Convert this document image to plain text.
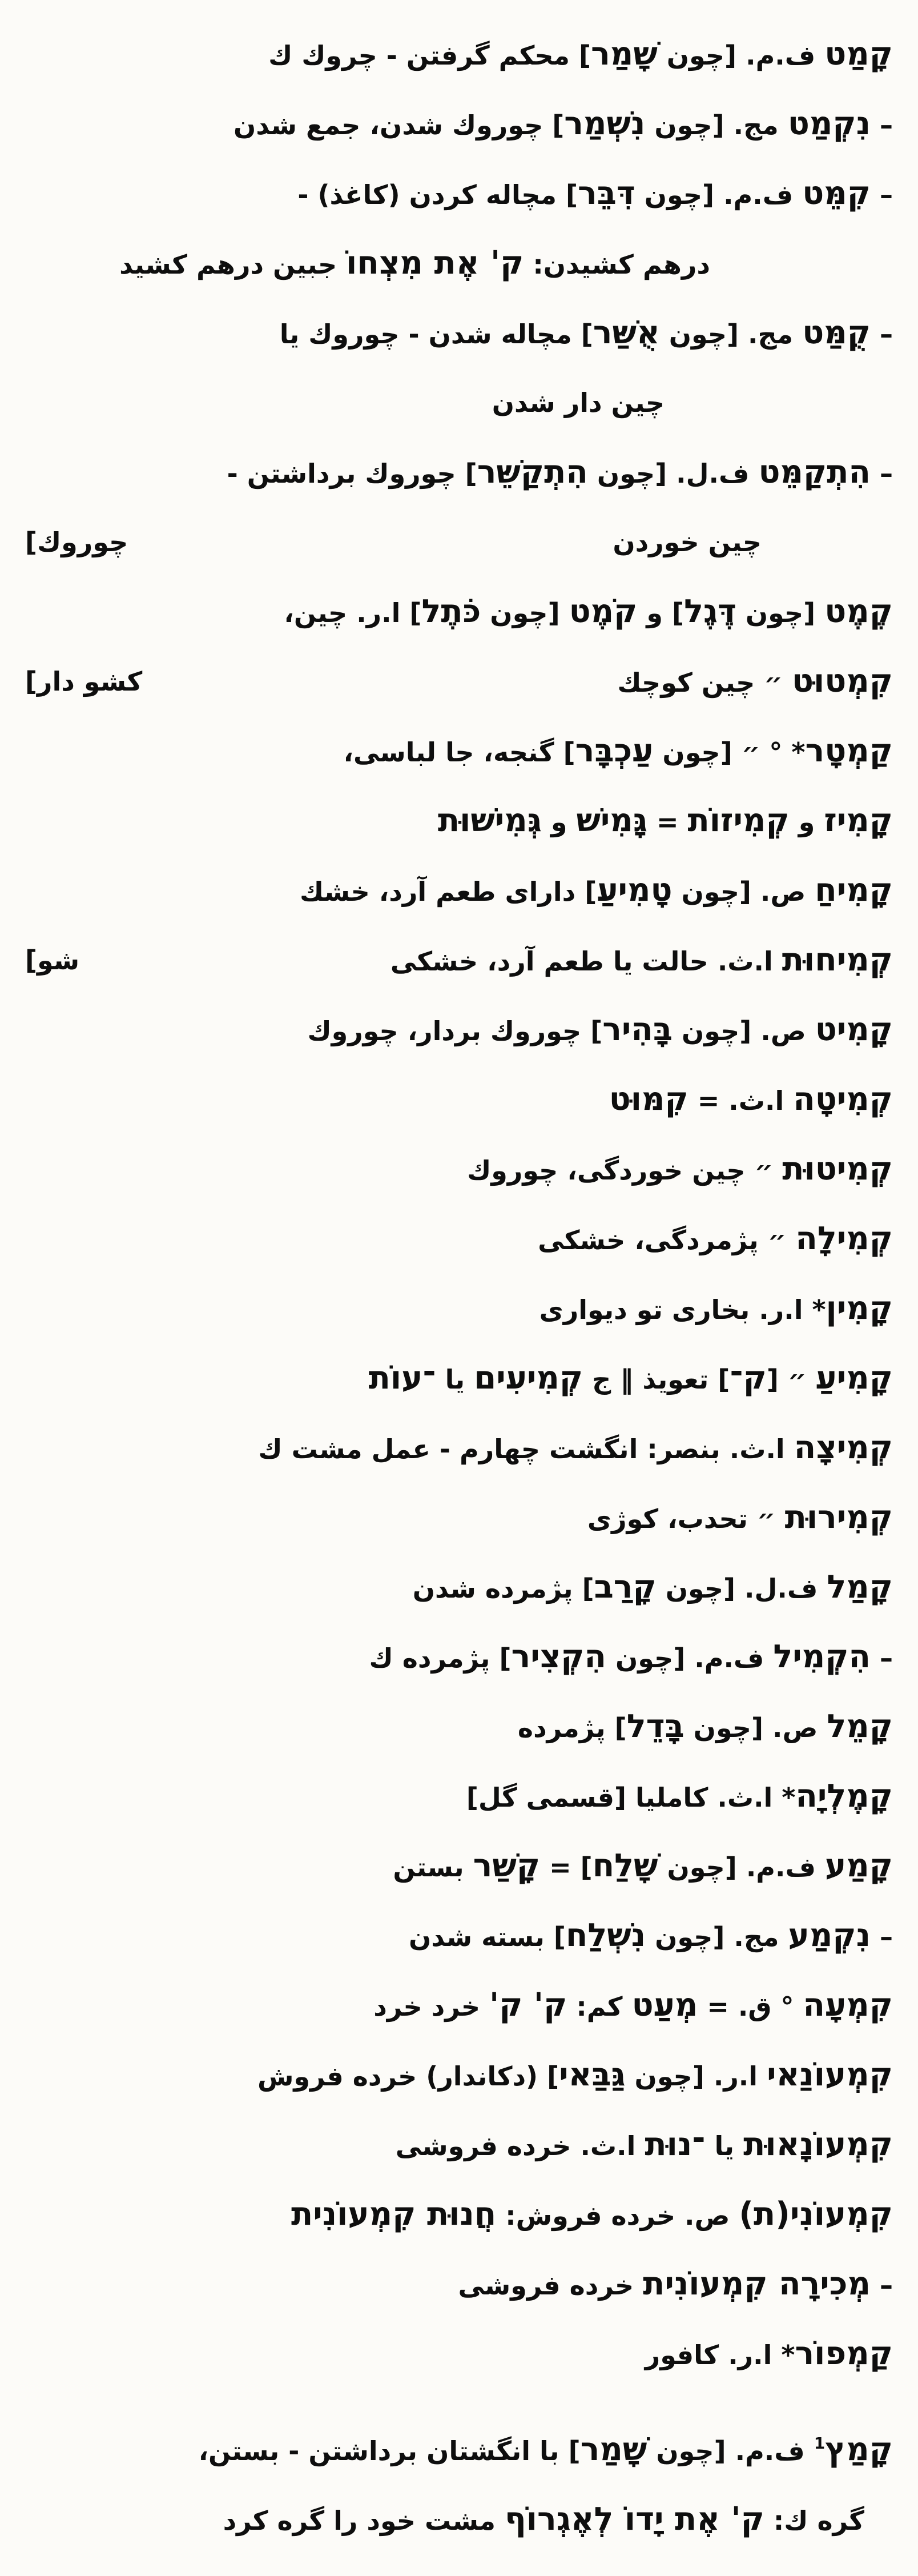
קָמַט ف.م. [چون שָׁמַר] محكم گرفتن - چروك ك
– נִקְמַט مج. [چون נִשְׁמַר] چوروك شدن، جمع شدن
– קִמֵּט ف.م. [چون דִּבֵּר] مچاله كردن (كاغذ) -
درهم كشيدن: ק' אֶת מִצְחוֹ جبين درهم كشيد
– קֻמַּט مج. [چون אֻשַּׁר] مچاله شدن - چوروك يا
چين دار شدن
– הִתְקַמֵּט ف.ل. [چون הִתְקַשֵּׁר] چوروك برداشتن -
چوروك]	چين خوردن
קֶמֶט [چون דֶּגֶל] و קֹמֶט [چون כֹּתֶל] ا.ر. چين،
كشو دار]	קִמְטוּט ״ چين كوچك
קַמְטָר* ° ״ [چون עַכְבָּר] گنجه، جا لباسى،
קָמִיז و קְמִיזוֹת = גָּמִישׁ و גְּמִישׁוּת
קָמִיחַ ص. [چون טָמִיעַ] داراى طعم آرد، خشك
شو]	קְמִיחוּת ا.ث. حالت يا طعم آرد، خشكى
קָמִיט ص. [چون בָּהִיר] چوروك بردار، چوروك
קְמִיטָה ا.ث. = קִמּוּט
קְמִיטוּת ״ چين خوردگى، چوروك
קְמִילָה ״ پژمردگى، خشكى
קָמִין* ا.ر. بخارى تو ديوارى
קָמִיעַ ״ [ק־] تعويذ ‖ ج קְמִיעִים يا ־עוֹת
קְמִיצָה ا.ث. بنصر: انگشت چهارم - عمل مشت ك
קְמִירוּת ״ تحدب، كوژى
קָמַל ف.ل. [چون קָרַב] پژمرده شدن
– הִקְמִיל ف.م. [چون הִקְצִיר] پژمرده ك
קָמֵל ص. [چون בָּדֵל] پژمرده
קָמֶלְיָה* ا.ث. كامليا [قسمى گل]
קָמַע ف.م. [چون שָׁלַח] = קָשַׁר بستن
– נִקְמַע مج. [چون נִשְׁלַח] بسته شدن
קִמְעָה ° ق. = מְעַט كم: ק' ק' خرد خرد
קִמְעוֹנַאי ا.ر. [چون גַּבַּאי] (دكاندار) خرده فروش
קִמְעוֹנָאוּת يا ־נוּת ا.ث. خرده فروشى
קִמְעוֹנִי(ת) ص. خرده فروش: חֲנוּת קִמְעוֹנִית
– מְכִירָה קִמְעוֹנִית خرده فروشى
קַמְפוֹר* ا.ر. كافور
קָמַץ1 ف.م. [چون שָׁמַר] با انگشتان برداشتن - بستن،
گره ك: ק' אֶת יָדוֹ לְאֶגְרוֹף مشت خود را گره كرد
